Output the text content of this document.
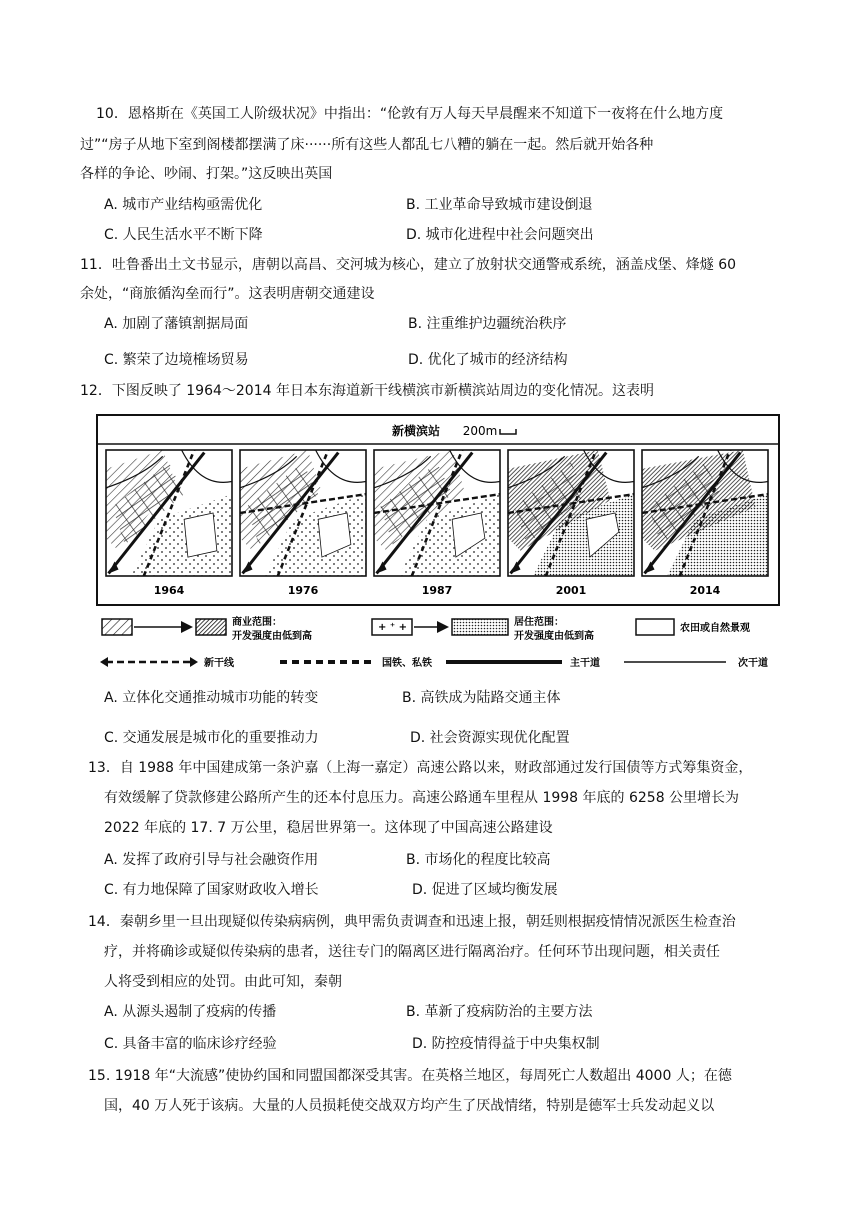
10．恩格斯在《英国工人阶级状况》中指出：“伦敦有万人每天早晨醒来不知道下一夜将在什么地方度
过”“房子从地下室到阁楼都摆满了床······所有这些人都乱七八糟的躺在一起。然后就开始各种
各样的争论、吵闹、打架。”这反映出英国
A. 城市产业结构亟需优化	B. 工业革命导致城市建设倒退
C. 人民生活水平不断下降	D. 城市化进程中社会问题突出
11．吐鲁番出土文书显示，唐朝以高昌、交河城为核心，建立了放射状交通警戒系统，涵盖戍堡、烽燧 60
余处，“商旅循沟垒而行”。这表明唐朝交通建设
A. 加剧了藩镇割据局面	B. 注重维护边疆统治秩序
C. 繁荣了边境榷场贸易	D. 优化了城市的经济结构
12．下图反映了 1964～2014 年日本东海道新干线横滨市新横滨站周边的变化情况。这表明
新横滨站 200m
1964	1976	1987	2001	2014
商业范围：
开发强度由低到高
+ ⁺ +	居住范围：
开发强度由低到高
农田或自然景观
新干线	国铁、私铁	主干道	次干道
A. 立体化交通推动城市功能的转变	B. 高铁成为陆路交通主体
C. 交通发展是城市化的重要推动力	D. 社会资源实现优化配置
13．自 1988 年中国建成第一条沪嘉（上海一嘉定）高速公路以来，财政部通过发行国债等方式筹集资金，
有效缓解了贷款修建公路所产生的还本付息压力。高速公路通车里程从 1998 年底的 6258 公里增长为
2022 年底的 17. 7 万公里，稳居世界第一。这体现了中国高速公路建设
A. 发挥了政府引导与社会融资作用	B. 市场化的程度比较高
C. 有力地保障了国家财政收入增长	D. 促进了区域均衡发展
14．秦朝乡里一旦出现疑似传染病病例，典甲需负责调查和迅速上报，朝廷则根据疫情情况派医生检查治
疗，并将确诊或疑似传染病的患者，送往专门的隔离区进行隔离治疗。任何环节出现问题，相关责任
人将受到相应的处罚。由此可知，秦朝
A. 从源头遏制了疫病的传播	B. 革新了疫病防治的主要方法
C. 具备丰富的临床诊疗经验	D. 防控疫情得益于中央集权制
15. 1918 年“大流感”使协约国和同盟国都深受其害。在英格兰地区，每周死亡人数超出 4000 人；在德
国，40 万人死于该病。大量的人员损耗使交战双方均产生了厌战情绪，特别是德军士兵发动起义以
